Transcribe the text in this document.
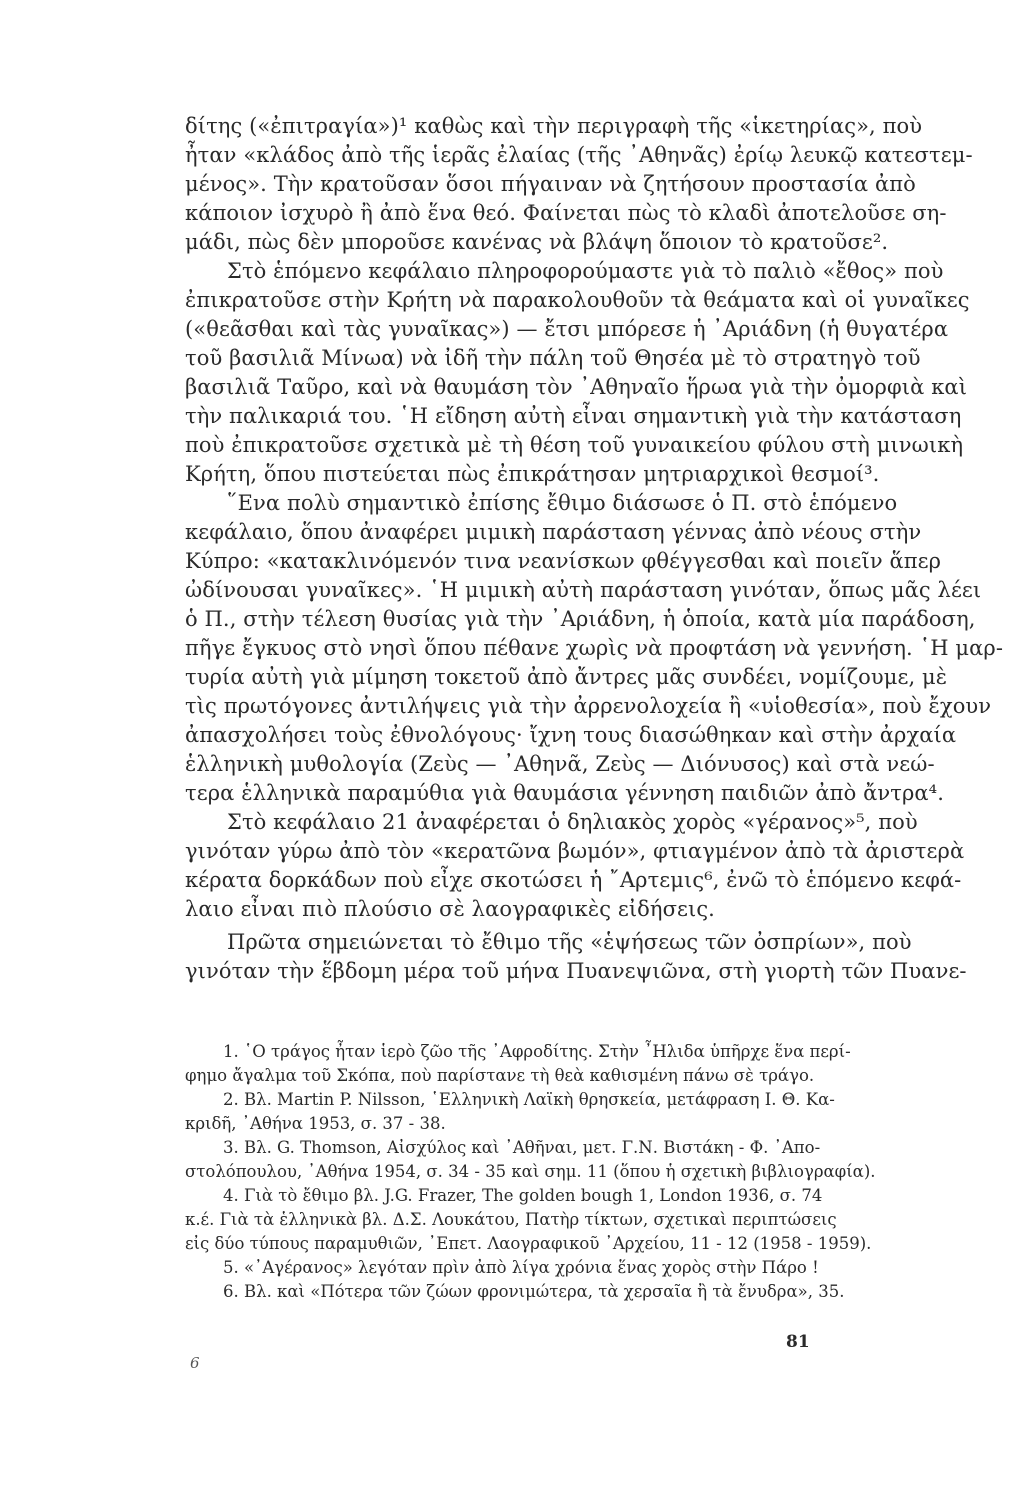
δίτης («ἐπιτραγία»)¹ καθὼς καὶ τὴν περιγραφὴ τῆς «ἱκετηρίας», ποὺ
ἦταν «κλάδος ἀπὸ τῆς ἱερᾶς ἐλαίας (τῆς ᾿Αθηνᾶς) ἐρίῳ λευκῷ κατεστεμ-
μένος». Τὴν κρατοῦσαν ὅσοι πήγαιναν νὰ ζητήσουν προστασία ἀπὸ
κάποιον ἰσχυρὸ ἢ ἀπὸ ἕνα θεό. Φαίνεται πὼς τὸ κλαδὶ ἀποτελοῦσε ση-
μάδι, πὼς δὲν μποροῦσε κανένας νὰ βλάψη ὅποιον τὸ κρατοῦσε².
Στὸ ἑπόμενο κεφάλαιο πληροφορούμαστε γιὰ τὸ παλιὸ «ἔθος» ποὺ
ἐπικρατοῦσε στὴν Κρήτη νὰ παρακολουθοῦν τὰ θεάματα καὶ οἱ γυναῖκες
(«θεᾶσθαι καὶ τὰς γυναῖκας») — ἔτσι μπόρεσε ἡ ᾿Αριάδνη (ἡ θυγατέρα
τοῦ βασιλιᾶ Μίνωα) νὰ ἰδῆ τὴν πάλη τοῦ Θησέα μὲ τὸ στρατηγὸ τοῦ
βασιλιᾶ Ταῦρο, καὶ νὰ θαυμάση τὸν ᾿Αθηναῖο ἥρωα γιὰ τὴν ὀμορφιὰ καὶ
τὴν παλικαριά του. ῾Η εἴδηση αὐτὴ εἶναι σημαντικὴ γιὰ τὴν κατάσταση
ποὺ ἐπικρατοῦσε σχετικὰ μὲ τὴ θέση τοῦ γυναικείου φύλου στὴ μινωικὴ
Κρήτη, ὅπου πιστεύεται πὼς ἐπικράτησαν μητριαρχικοὶ θεσμοί³.
῞Ενα πολὺ σημαντικὸ ἐπίσης ἔθιμο διάσωσε ὁ Π. στὸ ἑπόμενο
κεφάλαιο, ὅπου ἀναφέρει μιμικὴ παράσταση γέννας ἀπὸ νέους στὴν
Κύπρο: «κατακλινόμενόν τινα νεανίσκων φθέγγεσθαι καὶ ποιεῖν ἅπερ
ὠδίνουσαι γυναῖκες». ῾Η μιμικὴ αὐτὴ παράσταση γινόταν, ὅπως μᾶς λέει
ὁ Π., στὴν τέλεση θυσίας γιὰ τὴν ᾿Αριάδνη, ἡ ὁποία, κατὰ μία παράδοση,
πῆγε ἔγκυος στὸ νησὶ ὅπου πέθανε χωρὶς νὰ προφτάση νὰ γεννήση. ῾Η μαρ-
τυρία αὐτὴ γιὰ μίμηση τοκετοῦ ἀπὸ ἄντρες μᾶς συνδέει, νομίζουμε, μὲ
τὶς πρωτόγονες ἀντιλήψεις γιὰ τὴν ἀρρενολοχεία ἢ «υἱοθεσία», ποὺ ἔχουν
ἀπασχολήσει τοὺς ἐθνολόγους· ἴχνη τους διασώθηκαν καὶ στὴν ἀρχαία
ἑλληνικὴ μυθολογία (Ζεὺς — ᾿Αθηνᾶ, Ζεὺς — Διόνυσος) καὶ στὰ νεώ-
τερα ἑλληνικὰ παραμύθια γιὰ θαυμάσια γέννηση παιδιῶν ἀπὸ ἄντρα⁴.
Στὸ κεφάλαιο 21 ἀναφέρεται ὁ δηλιακὸς χορὸς «γέρανος»⁵, ποὺ
γινόταν γύρω ἀπὸ τὸν «κερατῶνα βωμόν», φτιαγμένον ἀπὸ τὰ ἀριστερὰ
κέρατα δορκάδων ποὺ εἶχε σκοτώσει ἡ ῎Αρτεμις⁶, ἐνῶ τὸ ἑπόμενο κεφά-
λαιο εἶναι πιὸ πλούσιο σὲ λαογραφικὲς εἰδήσεις.
Πρῶτα σημειώνεται τὸ ἔθιμο τῆς «ἑψήσεως τῶν ὀσπρίων», ποὺ
γινόταν τὴν ἕβδομη μέρα τοῦ μήνα Πυανεψιῶνα, στὴ γιορτὴ τῶν Πυανε-
1. ῾Ο τράγος ἦταν ἱερὸ ζῶο τῆς ᾿Αφροδίτης. Στὴν ῏Ηλιδα ὑπῆρχε ἕνα περί-
φημο ἄγαλμα τοῦ Σκόπα, ποὺ παρίστανε τὴ θεὰ καθισμένη πάνω σὲ τράγο.
2. Βλ. Martin P. Nilsson, ῾Ελληνικὴ Λαϊκὴ θρησκεία, μετάφραση Ι. Θ. Κα-
κριδῆ, ᾿Αθήνα 1953, σ. 37 - 38.
3. Βλ. G. Thomson, Αἰσχύλος καὶ ᾿Αθῆναι, μετ. Γ.Ν. Βιστάκη - Φ. ᾿Απο-
στολόπουλου, ᾿Αθήνα 1954, σ. 34 - 35 καὶ σημ. 11 (ὅπου ἡ σχετικὴ βιβλιογραφία).
4. Γιὰ τὸ ἔθιμο βλ. J.G. Frazer, The golden bough 1, London 1936, σ. 74
κ.έ. Γιὰ τὰ ἑλληνικὰ βλ. Δ.Σ. Λουκάτου, Πατὴρ τίκτων, σχετικαὶ περιπτώσεις
εἰς δύο τύπους παραμυθιῶν, ᾿Επετ. Λαογραφικοῦ ᾿Αρχείου, 11 - 12 (1958 - 1959).
5. «᾿Αγέρανος» λεγόταν πρὶν ἀπὸ λίγα χρόνια ἕνας χορὸς στὴν Πάρο !
6. Βλ. καὶ «Πότερα τῶν ζώων φρονιμώτερα, τὰ χερσαῖα ἢ τὰ ἔνυδρα», 35.
81
6
